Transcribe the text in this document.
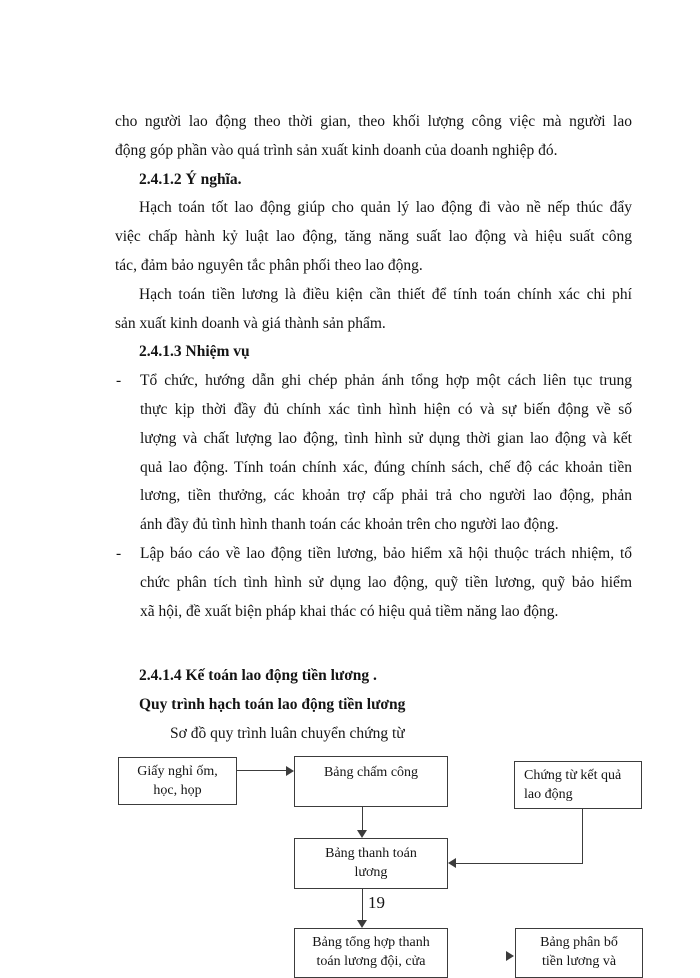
cho người lao động theo thời gian, theo khối lượng công việc mà người lao
động góp phần vào quá trình sản xuất kinh doanh của doanh nghiệp đó.
2.4.1.2 Ý nghĩa.
Hạch toán tốt lao động giúp cho quản lý lao động đi vào nề nếp thúc đẩy
việc chấp hành kỷ luật lao động, tăng năng suất lao động và hiệu suất công
tác, đảm bảo nguyên tắc phân phối theo lao động.
Hạch toán tiền lương là điều kiện cần thiết để tính toán chính xác chi phí
sản xuất kinh doanh và giá thành sản phẩm.
2.4.1.3 Nhiệm vụ
-	Tổ chức, hướng dẫn ghi chép phản ánh tổng hợp một cách liên tục trung
thực kịp thời đầy đủ chính xác tình hình hiện có và sự biến động về số
lượng và chất lượng lao động, tình hình sử dụng thời gian lao động và kết
quả lao động. Tính toán chính xác, đúng chính sách, chế độ các khoản tiền
lương, tiền thưởng, các khoản trợ cấp phải trả cho người lao động, phản
ánh đầy đủ tình hình thanh toán các khoản trên cho người lao động.
-	Lập báo cáo về lao động tiền lương, bảo hiểm xã hội thuộc trách nhiệm, tổ
chức phân tích tình hình sử dụng lao động, quỹ tiền lương, quỹ bảo hiểm
xã hội, đề xuất biện pháp khai thác có hiệu quả tiềm năng lao động.
2.4.1.4 Kế toán lao động tiền lương .
Quy trình hạch toán lao động tiền lương
Sơ đồ quy trình luân chuyển chứng từ
Giấy nghỉ ốm,
học, họp
Bảng chấm công	Chứng từ kết quả
lao động
Bảng thanh toán
lương
Bảng tổng hợp thanh
toán lương đội, cửa
Bảng phân bổ
tiền lương và
19
